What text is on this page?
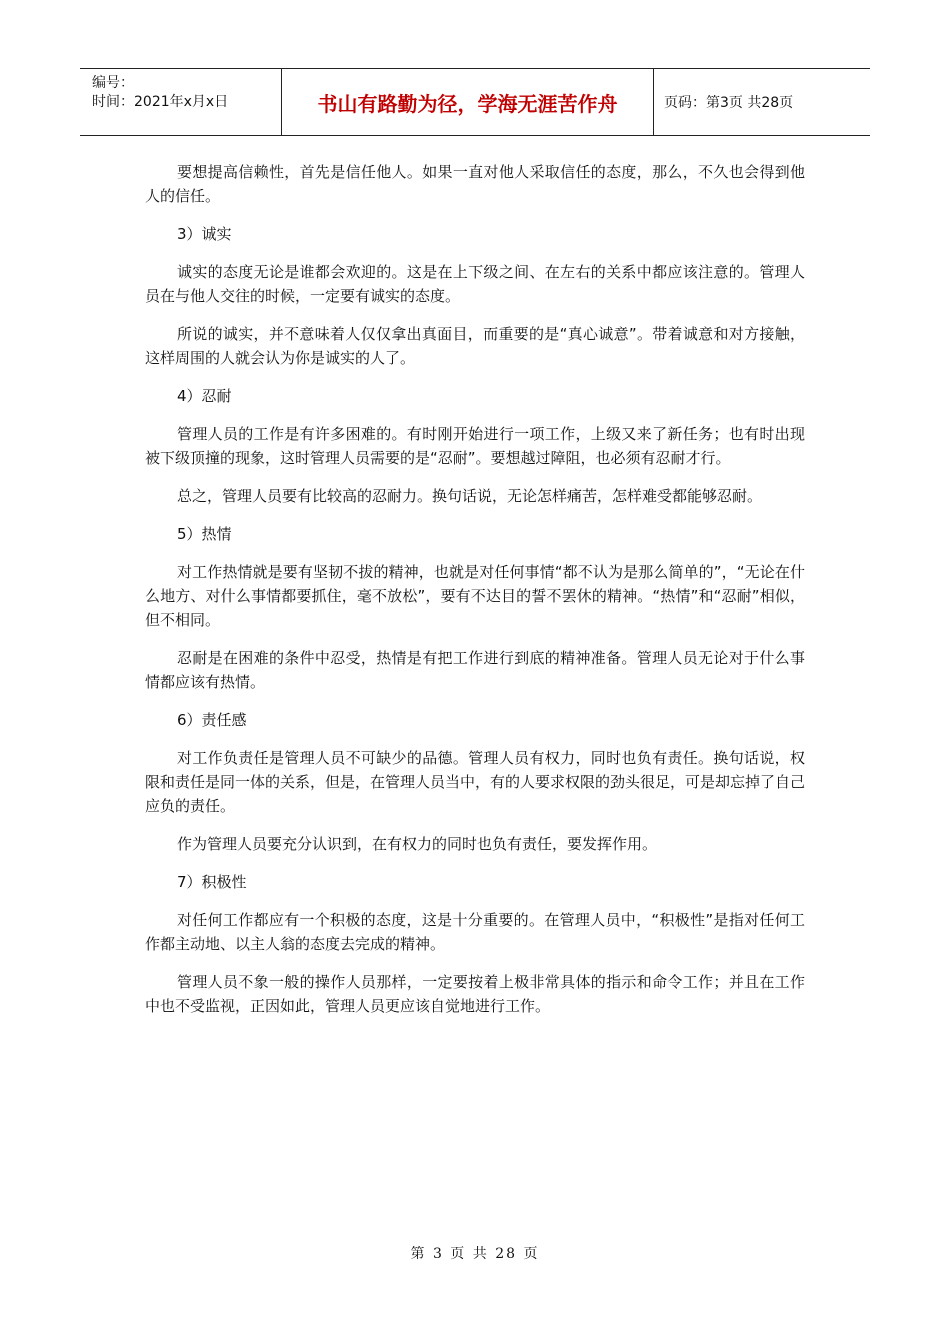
编号：
时间：2021年x月x日	书山有路勤为径，学海无涯苦作舟	页码：第3页 共28页

要想提高信赖性，首先是信任他人。如果一直对他人采取信任的态度，那么，不久也会得到他人的信任。

3）诚实

诚实的态度无论是谁都会欢迎的。这是在上下级之间、在左右的关系中都应该注意的。管理人员在与他人交往的时候，一定要有诚实的态度。

所说的诚实，并不意味着人仅仅拿出真面目，而重要的是“真心诚意”。带着诚意和对方接触，这样周围的人就会认为你是诚实的人了。

4）忍耐

管理人员的工作是有许多困难的。有时刚开始进行一项工作，上级又来了新任务；也有时出现被下级顶撞的现象，这时管理人员需要的是“忍耐”。要想越过障阻，也必须有忍耐才行。

总之，管理人员要有比较高的忍耐力。换句话说，无论怎样痛苦，怎样难受都能够忍耐。

5）热情

对工作热情就是要有坚韧不拔的精神，也就是对任何事情“都不认为是那么简单的”，“无论在什么地方、对什么事情都要抓住，毫不放松”，要有不达目的誓不罢休的精神。“热情”和“忍耐”相似，但不相同。

忍耐是在困难的条件中忍受，热情是有把工作进行到底的精神准备。管理人员无论对于什么事情都应该有热情。

6）责任感

对工作负责任是管理人员不可缺少的品德。管理人员有权力，同时也负有责任。换句话说，权限和责任是同一体的关系，但是，在管理人员当中，有的人要求权限的劲头很足，可是却忘掉了自己应负的责任。

作为管理人员要充分认识到，在有权力的同时也负有责任，要发挥作用。

7）积极性

对任何工作都应有一个积极的态度，这是十分重要的。在管理人员中，“积极性”是指对任何工作都主动地、以主人翁的态度去完成的精神。

管理人员不象一般的操作人员那样，一定要按着上极非常具体的指示和命令工作；并且在工作中也不受监视，正因如此，管理人员更应该自觉地进行工作。

第 3 页 共 28 页
